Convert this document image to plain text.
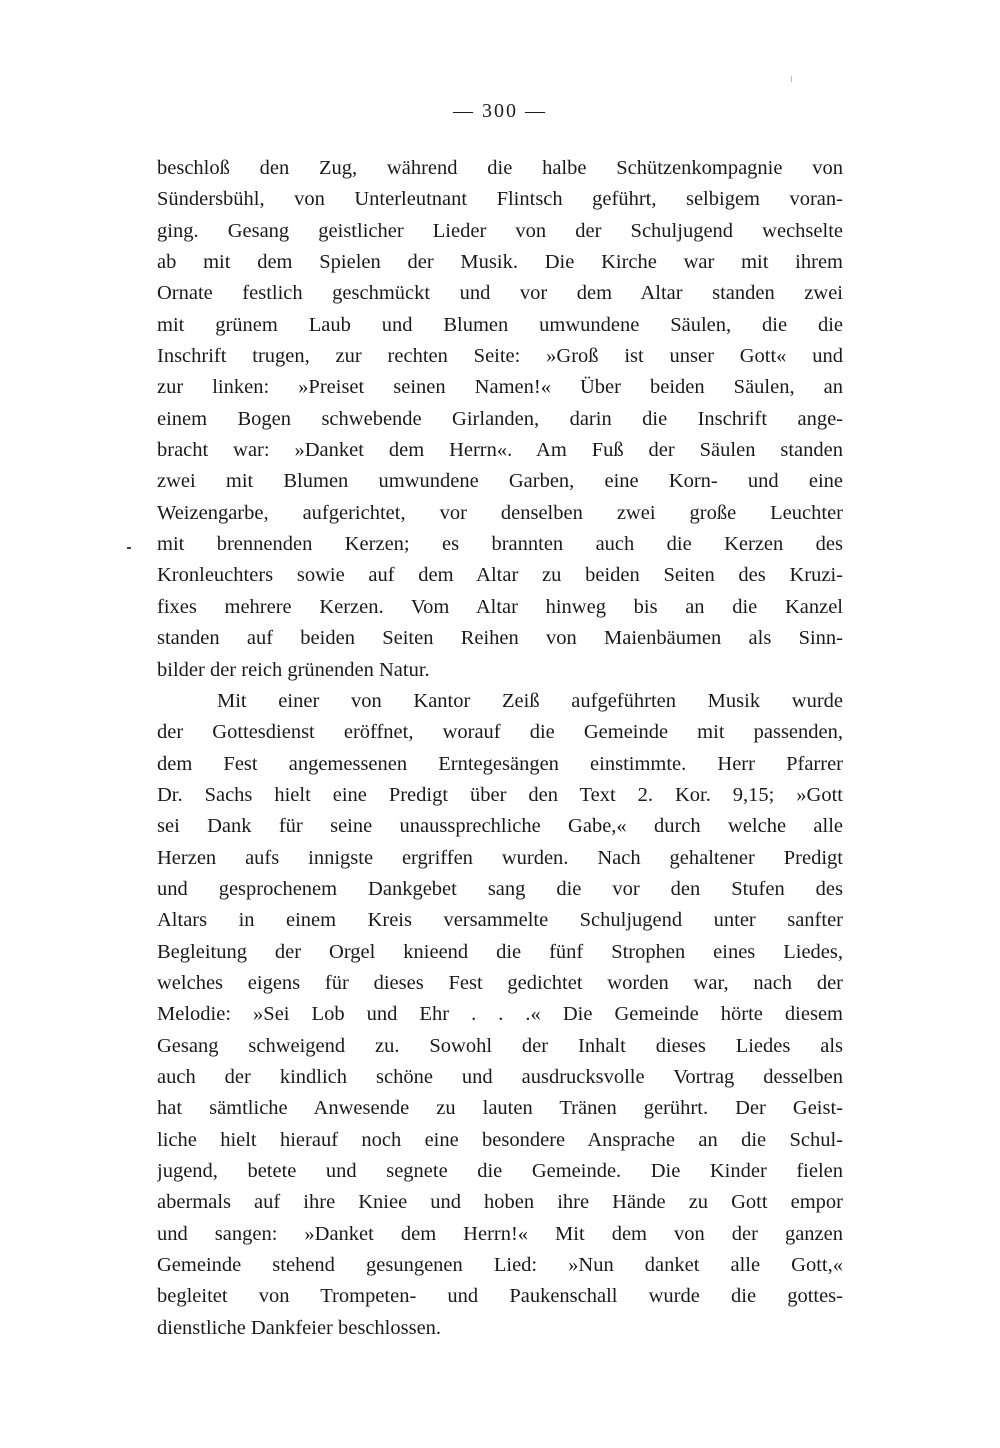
— 300 —
beschloß den Zug, während die halbe Schützenkompagnie von
Sündersbühl, von Unterleutnant Flintsch geführt, selbigem voran-
ging. Gesang geistlicher Lieder von der Schuljugend wechselte
ab mit dem Spielen der Musik. Die Kirche war mit ihrem
Ornate festlich geschmückt und vor dem Altar standen zwei
mit grünem Laub und Blumen umwundene Säulen, die die
Inschrift trugen, zur rechten Seite: »Groß ist unser Gott« und
zur linken: »Preiset seinen Namen!« Über beiden Säulen, an
einem Bogen schwebende Girlanden, darin die Inschrift ange-
bracht war: »Danket dem Herrn«. Am Fuß der Säulen standen
zwei mit Blumen umwundene Garben, eine Korn- und eine
Weizengarbe, aufgerichtet, vor denselben zwei große Leuchter
mit brennenden Kerzen; es brannten auch die Kerzen des
Kronleuchters sowie auf dem Altar zu beiden Seiten des Kruzi-
fixes mehrere Kerzen. Vom Altar hinweg bis an die Kanzel
standen auf beiden Seiten Reihen von Maienbäumen als Sinn-
bilder der reich grünenden Natur.
Mit einer von Kantor Zeiß aufgeführten Musik wurde
der Gottesdienst eröffnet, worauf die Gemeinde mit passenden,
dem Fest angemessenen Erntegesängen einstimmte. Herr Pfarrer
Dr. Sachs hielt eine Predigt über den Text 2. Kor. 9,15; »Gott
sei Dank für seine unaussprechliche Gabe,« durch welche alle
Herzen aufs innigste ergriffen wurden. Nach gehaltener Predigt
und gesprochenem Dankgebet sang die vor den Stufen des
Altars in einem Kreis versammelte Schuljugend unter sanfter
Begleitung der Orgel knieend die fünf Strophen eines Liedes,
welches eigens für dieses Fest gedichtet worden war, nach der
Melodie: »Sei Lob und Ehr . . .« Die Gemeinde hörte diesem
Gesang schweigend zu. Sowohl der Inhalt dieses Liedes als
auch der kindlich schöne und ausdrucksvolle Vortrag desselben
hat sämtliche Anwesende zu lauten Tränen gerührt. Der Geist-
liche hielt hierauf noch eine besondere Ansprache an die Schul-
jugend, betete und segnete die Gemeinde. Die Kinder fielen
abermals auf ihre Kniee und hoben ihre Hände zu Gott empor
und sangen: »Danket dem Herrn!« Mit dem von der ganzen
Gemeinde stehend gesungenen Lied: »Nun danket alle Gott,«
begleitet von Trompeten- und Paukenschall wurde die gottes-
dienstliche Dankfeier beschlossen.
